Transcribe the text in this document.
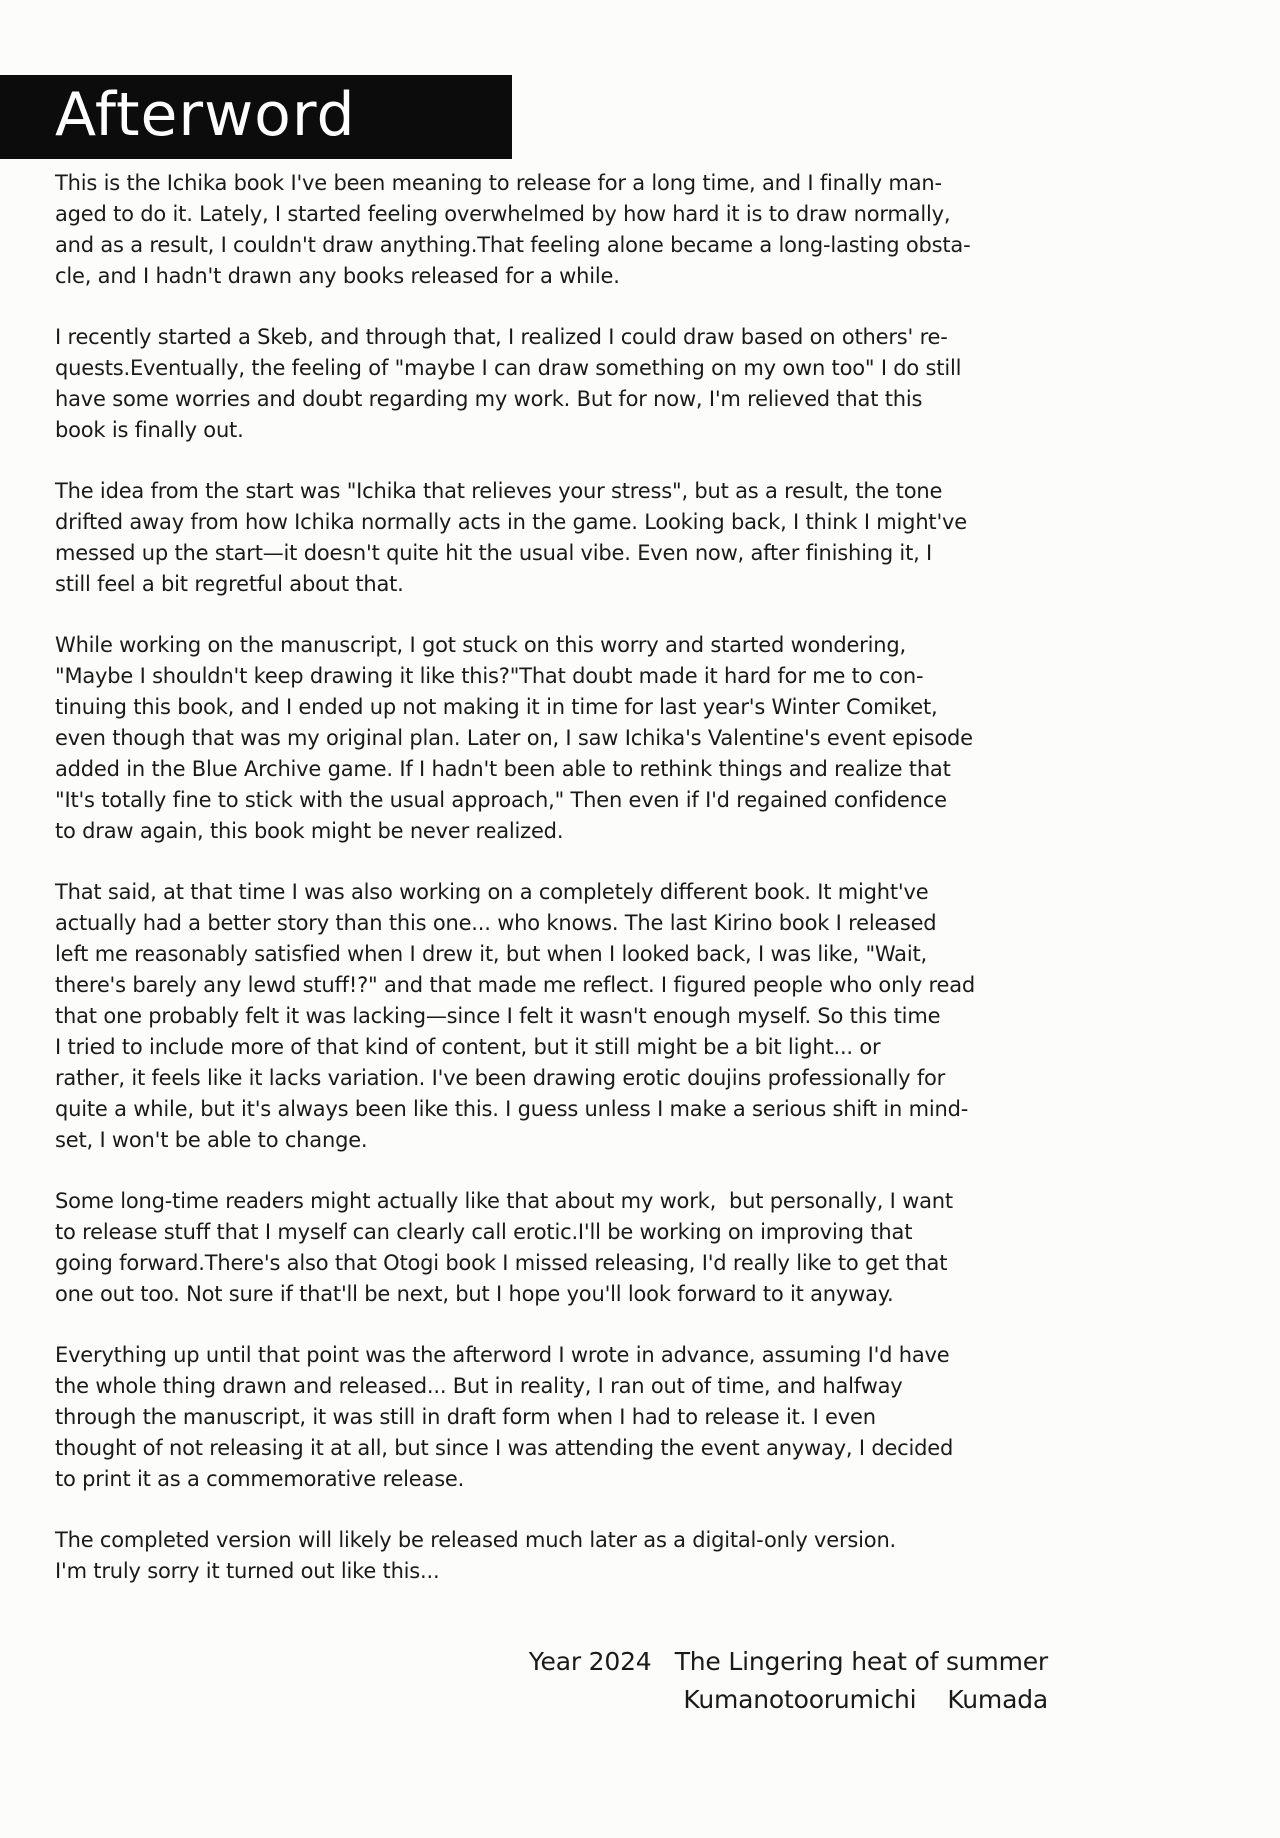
Afterword
This is the Ichika book I've been meaning to release for a long time, and I finally man-
aged to do it. Lately, I started feeling overwhelmed by how hard it is to draw normally,
and as a result, I couldn't draw anything.That feeling alone became a long-lasting obsta-
cle, and I hadn't drawn any books released for a while.
I recently started a Skeb, and through that, I realized I could draw based on others' re-
quests.Eventually, the feeling of "maybe I can draw something on my own too" I do still
have some worries and doubt regarding my work. But for now, I'm relieved that this
book is finally out.
The idea from the start was "Ichika that relieves your stress", but as a result, the tone
drifted away from how Ichika normally acts in the game. Looking back, I think I might've
messed up the start—it doesn't quite hit the usual vibe. Even now, after finishing it, I
still feel a bit regretful about that.
While working on the manuscript, I got stuck on this worry and started wondering,
"Maybe I shouldn't keep drawing it like this?"That doubt made it hard for me to con-
tinuing this book, and I ended up not making it in time for last year's Winter Comiket,
even though that was my original plan. Later on, I saw Ichika's Valentine's event episode
added in the Blue Archive game. If I hadn't been able to rethink things and realize that
"It's totally fine to stick with the usual approach," Then even if I'd regained confidence
to draw again, this book might be never realized.
That said, at that time I was also working on a completely different book. It might've
actually had a better story than this one... who knows. The last Kirino book I released
left me reasonably satisfied when I drew it, but when I looked back, I was like, "Wait,
there's barely any lewd stuff!?" and that made me reflect. I figured people who only read
that one probably felt it was lacking—since I felt it wasn't enough myself. So this time
I tried to include more of that kind of content, but it still might be a bit light... or
rather, it feels like it lacks variation. I've been drawing erotic doujins professionally for
quite a while, but it's always been like this. I guess unless I make a serious shift in mind-
set, I won't be able to change.
Some long-time readers might actually like that about my work,  but personally, I want
to release stuff that I myself can clearly call erotic.I'll be working on improving that
going forward.There's also that Otogi book I missed releasing, I'd really like to get that
one out too. Not sure if that'll be next, but I hope you'll look forward to it anyway.
Everything up until that point was the afterword I wrote in advance, assuming I'd have
the whole thing drawn and released... But in reality, I ran out of time, and halfway
through the manuscript, it was still in draft form when I had to release it. I even
thought of not releasing it at all, but since I was attending the event anyway, I decided
to print it as a commemorative release.
The completed version will likely be released much later as a digital-only version.
I'm truly sorry it turned out like this...
Year 2024   The Lingering heat of summer
Kumanotoorumichi    Kumada
